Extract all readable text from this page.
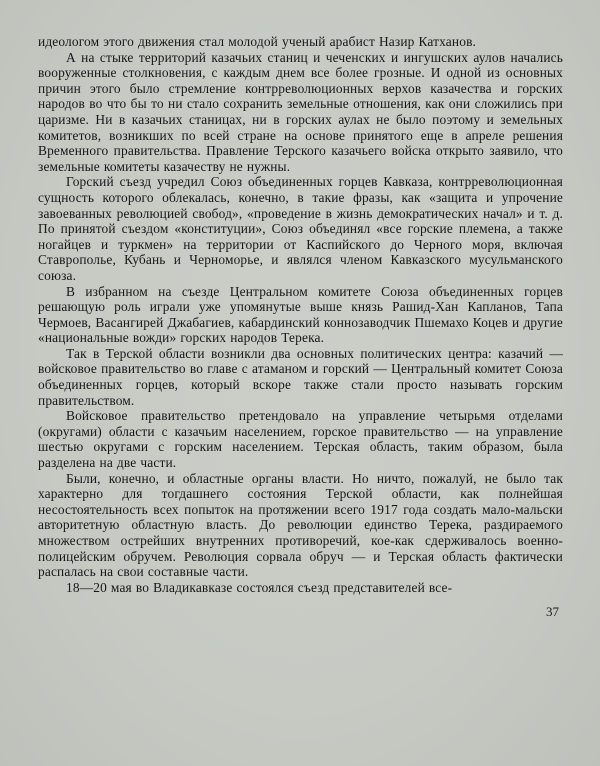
идеологом этого движения стал молодой ученый арабист Назир Катханов.

А на стыке территорий казачьих станиц и чеченских и ингушских аулов начались вооруженные столкновения, с каждым днем все более грозные. И одной из основных причин этого было стремление контрреволюционных верхов казачества и горских народов во что бы то ни стало сохранить земельные отношения, как они сложились при царизме. Ни в казачьих станицах, ни в горских аулах не было поэтому и земельных комитетов, возникших по всей стране на основе принятого еще в апреле решения Временного правительства. Правление Терского казачьего войска открыто заявило, что земельные комитеты казачеству не нужны.

Горский съезд учредил Союз объединенных горцев Кавказа, контрреволюционная сущность которого облекалась, конечно, в такие фразы, как «защита и упрочение завоеванных революцией свобод», «проведение в жизнь демократических начал» и т. д. По принятой съездом «конституции», Союз объединял «все горские племена, а также ногайцев и туркмен» на территории от Каспийского до Черного моря, включая Ставрополье, Кубань и Черноморье, и являлся членом Кавказского мусульманского союза.

В избранном на съезде Центральном комитете Союза объединенных горцев решающую роль играли уже упомянутые выше князь Рашид-Хан Капланов, Тапа Чермоев, Васангирей Джабагиев, кабардинский коннозаводчик Пшемахо Коцев и другие «национальные вожди» горских народов Терека.

Так в Терской области возникли два основных политических центра: казачий — войсковое правительство во главе с атаманом и горский — Центральный комитет Союза объединенных горцев, который вскоре также стали просто называть горским правительством.

Войсковое правительство претендовало на управление четырьмя отделами (округами) области с казачьим населением, горское правительство — на управление шестью округами с горским населением. Терская область, таким образом, была разделена на две части.

Были, конечно, и областные органы власти. Но ничто, пожалуй, не было так характерно для тогдашнего состояния Терской области, как полнейшая несостоятельность всех попыток на протяжении всего 1917 года создать мало-мальски авторитетную областную власть. До революции единство Терека, раздираемого множеством острейших внутренних противоречий, кое-как сдерживалось военно-полицейским обручем. Революция сорвала обруч — и Терская область фактически распалась на свои составные части.

18—20 мая во Владикавказе состоялся съезд представителей все-

37
